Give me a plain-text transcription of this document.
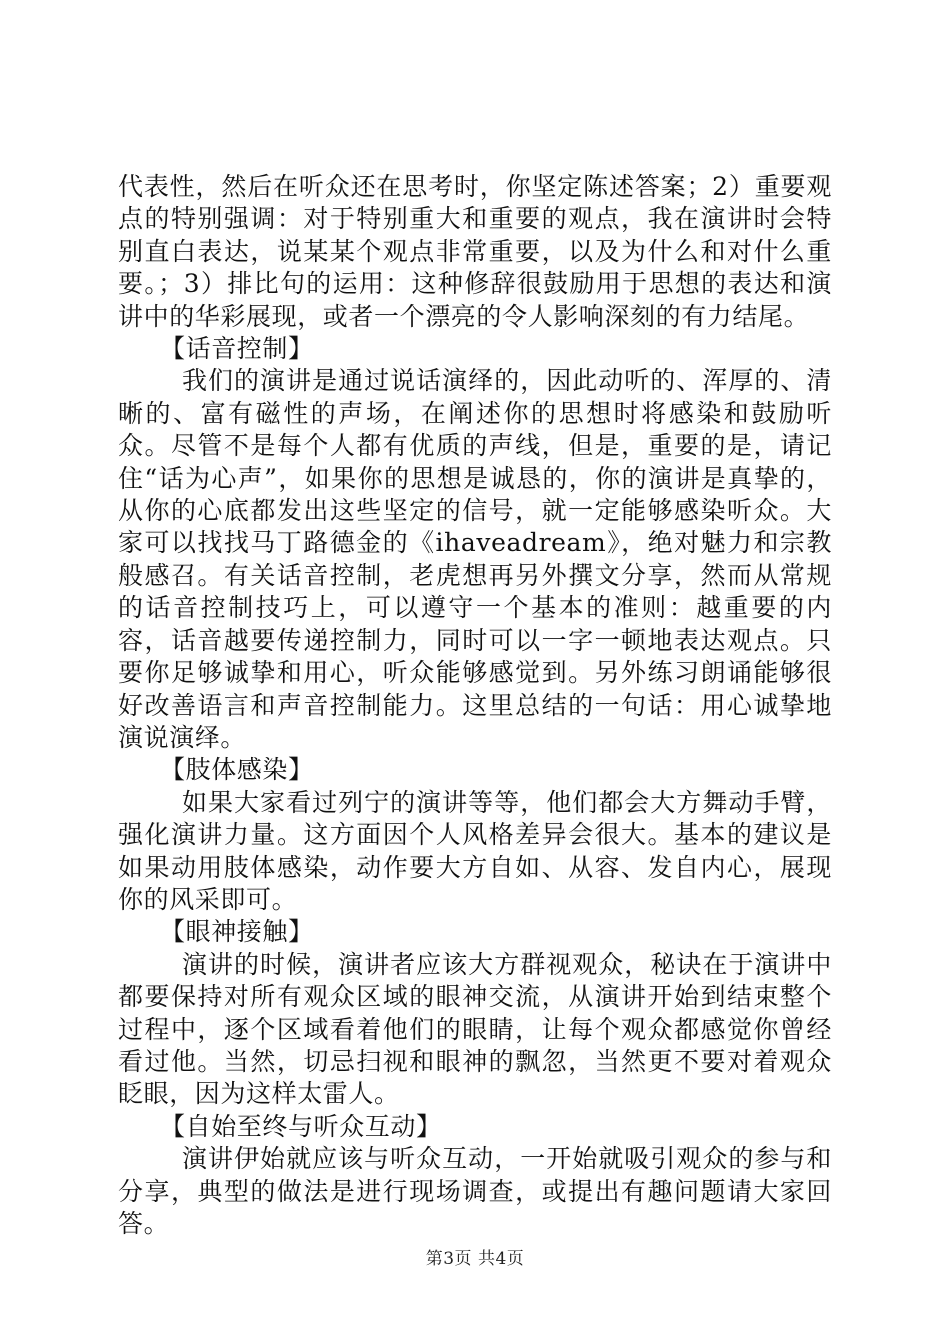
代表性，然后在听众还在思考时，你坚定陈述答案；2）重要观点的特别强调：对于特别重大和重要的观点，我在演讲时会特别直白表达，说某某个观点非常重要，以及为什么和对什么重要。；3）排比句的运用：这种修辞很鼓励用于思想的表达和演讲中的华彩展现，或者一个漂亮的令人影响深刻的有力结尾。

【话音控制】

我们的演讲是通过说话演绎的，因此动听的、浑厚的、清晰的、富有磁性的声场，在阐述你的思想时将感染和鼓励听众。尽管不是每个人都有优质的声线，但是，重要的是，请记住“话为心声”，如果你的思想是诚恳的，你的演讲是真挚的，从你的心底都发出这些坚定的信号，就一定能够感染听众。大家可以找找马丁路德金的《ihaveadream》，绝对魅力和宗教般感召。有关话音控制，老虎想再另外撰文分享，然而从常规的话音控制技巧上，可以遵守一个基本的准则：越重要的内容，话音越要传递控制力，同时可以一字一顿地表达观点。只要你足够诚挚和用心，听众能够感觉到。另外练习朗诵能够很好改善语言和声音控制能力。这里总结的一句话：用心诚挚地演说演绎。

【肢体感染】

如果大家看过列宁的演讲等等，他们都会大方舞动手臂，强化演讲力量。这方面因个人风格差异会很大。基本的建议是如果动用肢体感染，动作要大方自如、从容、发自内心，展现你的风采即可。

【眼神接触】

演讲的时候，演讲者应该大方群视观众，秘诀在于演讲中都要保持对所有观众区域的眼神交流，从演讲开始到结束整个过程中，逐个区域看着他们的眼睛，让每个观众都感觉你曾经看过他。当然，切忌扫视和眼神的飘忽，当然更不要对着观众眨眼，因为这样太雷人。

【自始至终与听众互动】

演讲伊始就应该与听众互动，一开始就吸引观众的参与和分享，典型的做法是进行现场调查，或提出有趣问题请大家回答。

第3页 共4页
